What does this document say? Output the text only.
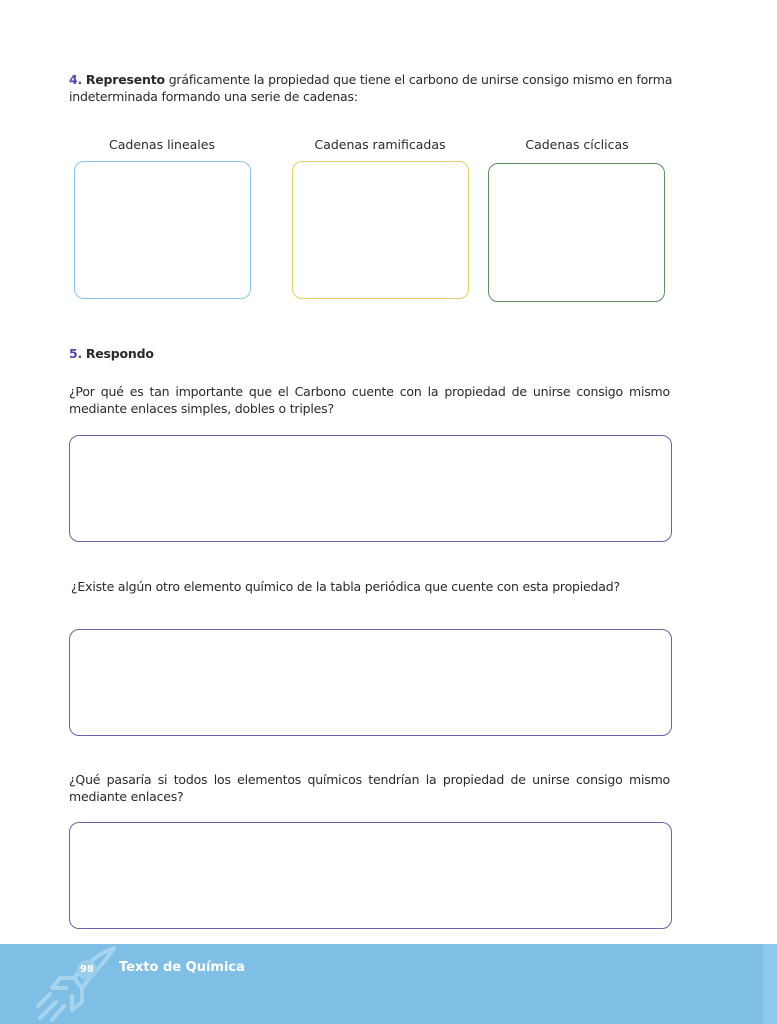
4. Represento gráficamente la propiedad que tiene el carbono de unirse consigo mismo en forma
indeterminada formando una serie de cadenas:
Cadenas lineales	Cadenas ramificadas	Cadenas cíclicas
5. Respondo
¿Por qué es tan importante que el Carbono cuente con la propiedad de unirse consigo mismo mediante enlaces simples, dobles o triples?
¿Existe algún otro elemento químico de la tabla periódica que cuente con esta propiedad?
¿Qué pasaría si todos los elementos químicos tendrían la propiedad de unirse consigo mismo mediante enlaces?
98 Texto de Química
